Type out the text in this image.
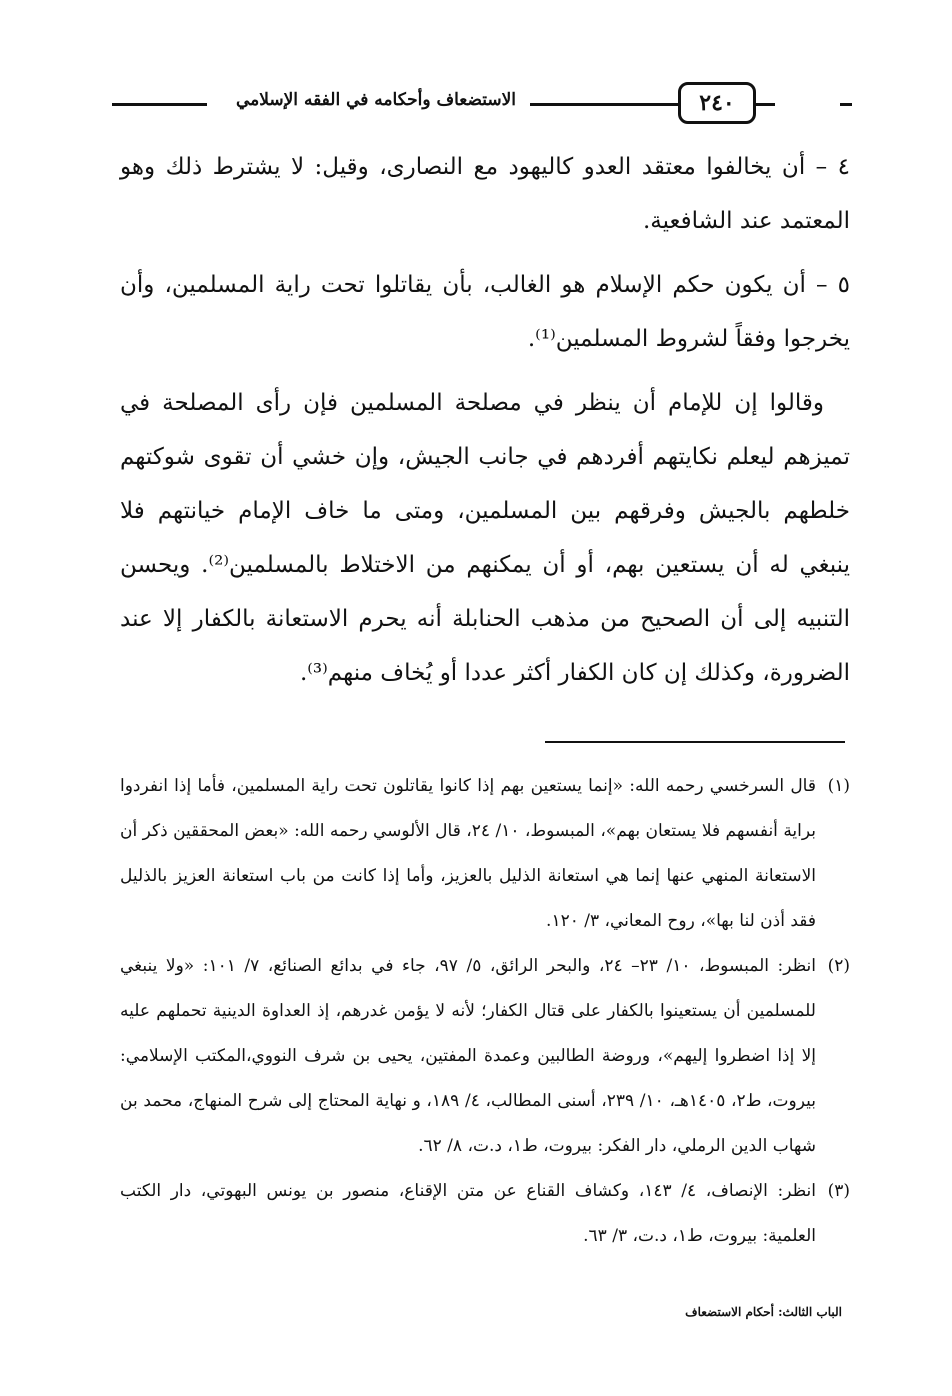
٢٤٠
الاستضعاف وأحكامه في الفقه الإسلامي

٤ – أن يخالفوا معتقد العدو كاليهود مع النصارى، وقيل: لا يشترط ذلك وهو المعتمد عند الشافعية.

٥ – أن يكون حكم الإسلام هو الغالب، بأن يقاتلوا تحت راية المسلمين، وأن يخرجوا وفقاً لشروط المسلمين⁽¹⁾.

وقالوا إن للإمام أن ينظر في مصلحة المسلمين فإن رأى المصلحة في تميزهم ليعلم نكايتهم أفردهم في جانب الجيش، وإن خشي أن تقوى شوكتهم خلطهم بالجيش وفرقهم بين المسلمين، ومتى ما خاف الإمام خيانتهم فلا ينبغي له أن يستعين بهم، أو أن يمكنهم من الاختلاط بالمسلمين⁽²⁾. ويحسن التنبيه إلى أن الصحيح من مذهب الحنابلة أنه يحرم الاستعانة بالكفار إلا عند الضرورة، وكذلك إن كان الكفار أكثر عددا أو يُخاف منهم⁽³⁾.

(١)
قال السرخسي رحمه الله: «إنما يستعين بهم إذا كانوا يقاتلون تحت راية المسلمين، فأما إذا انفردوا براية أنفسهم فلا يستعان بهم»، المبسوط، ١٠/ ٢٤، قال الألوسي رحمه الله: «بعض المحققين ذكر أن الاستعانة المنهي عنها إنما هي استعانة الذليل بالعزيز، وأما إذا كانت من باب استعانة العزيز بالذليل فقد أذن لنا بها»، روح المعاني، ٣/ ١٢٠.
(٢)
انظر: المبسوط، ١٠/ ٢٣– ٢٤، والبحر الرائق، ٥/ ٩٧، جاء في بدائع الصنائع، ٧/ ١٠١: «ولا ينبغي للمسلمين أن يستعينوا بالكفار على قتال الكفار؛ لأنه لا يؤمن غدرهم، إذ العداوة الدينية تحملهم عليه إلا إذا اضطروا إليهم»، وروضة الطالبين وعمدة المفتين، يحيى بن شرف النووي،المكتب الإسلامي: بيروت، ط٢، ١٤٠٥هـ، ١٠/ ٢٣٩، أسنى المطالب، ٤/ ١٨٩، و نهاية المحتاج إلى شرح المنهاج، محمد بن شهاب الدين الرملي، دار الفكر: بيروت، ط١، د.ت، ٨/ ٦٢.
(٣)
انظر: الإنصاف، ٤/ ١٤٣، وكشاف القناع عن متن الإقناع، منصور بن يونس البهوتي، دار الكتب العلمية: بيروت، ط١، د.ت، ٣/ ٦٣.
الباب الثالث: أحكام الاستضعاف
